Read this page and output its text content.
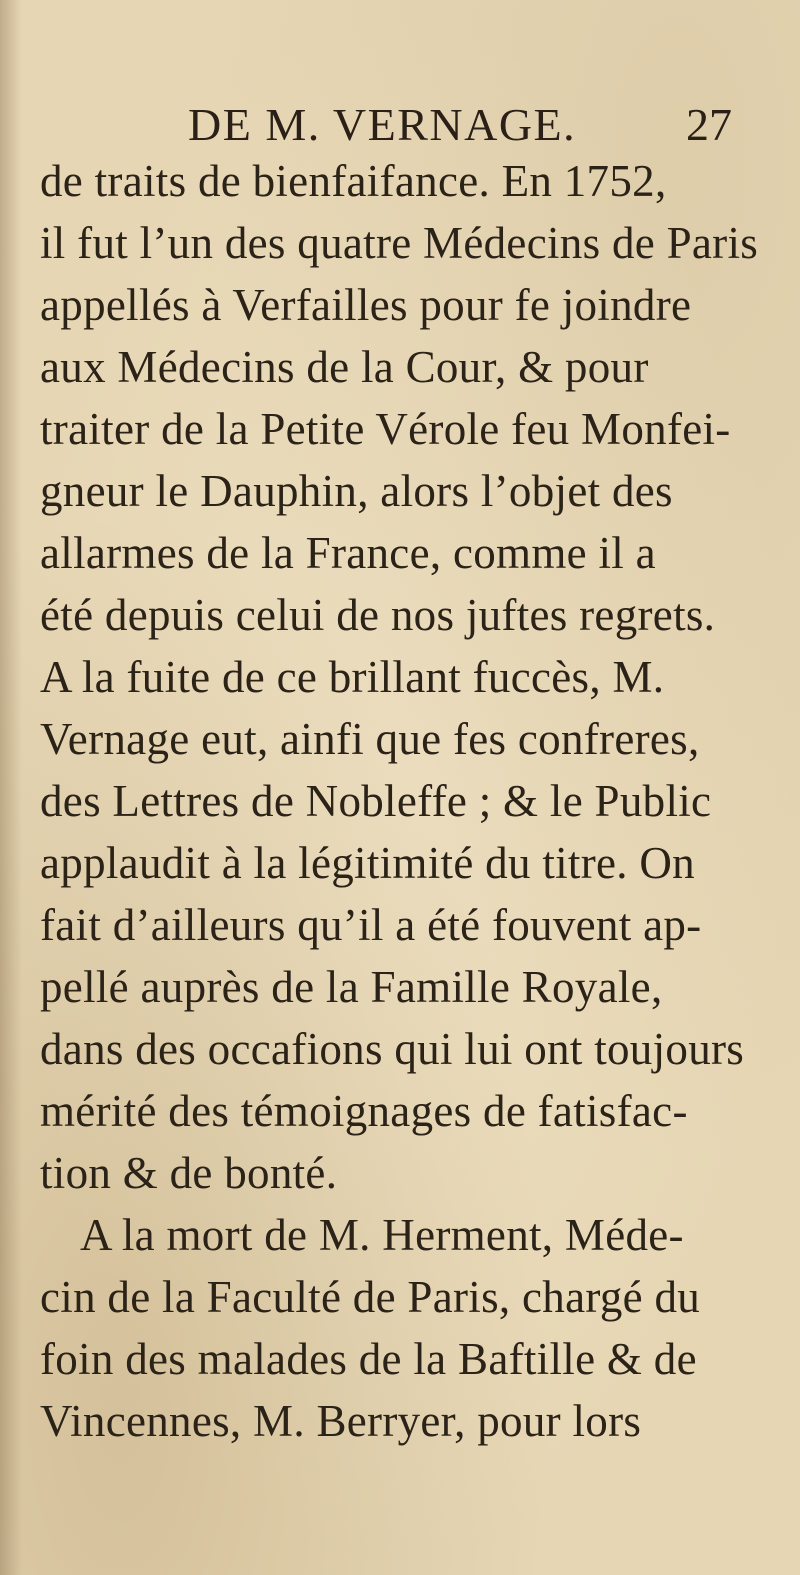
DE M. VERNAGE. 27
de traits de bienfaifance. En 1752,
il fut l’un des quatre Médecins de Paris
appellés à Verfailles pour fe joindre
aux Médecins de la Cour, & pour
traiter de la Petite Vérole feu Monfei-
gneur le Dauphin, alors l’objet des
allarmes de la France, comme il a
été depuis celui de nos juftes regrets.
A la fuite de ce brillant fuccès, M.
Vernage eut, ainfi que fes confreres,
des Lettres de Nobleffe ; & le Public
applaudit à la légitimité du titre. On
fait d’ailleurs qu’il a été fouvent ap-
pellé auprès de la Famille Royale,
dans des occafions qui lui ont toujours
mérité des témoignages de fatisfac-
tion & de bonté.
A la mort de M. Herment, Méde-
cin de la Faculté de Paris, chargé du
foin des malades de la Baftille & de
Vincennes, M. Berryer, pour lors
